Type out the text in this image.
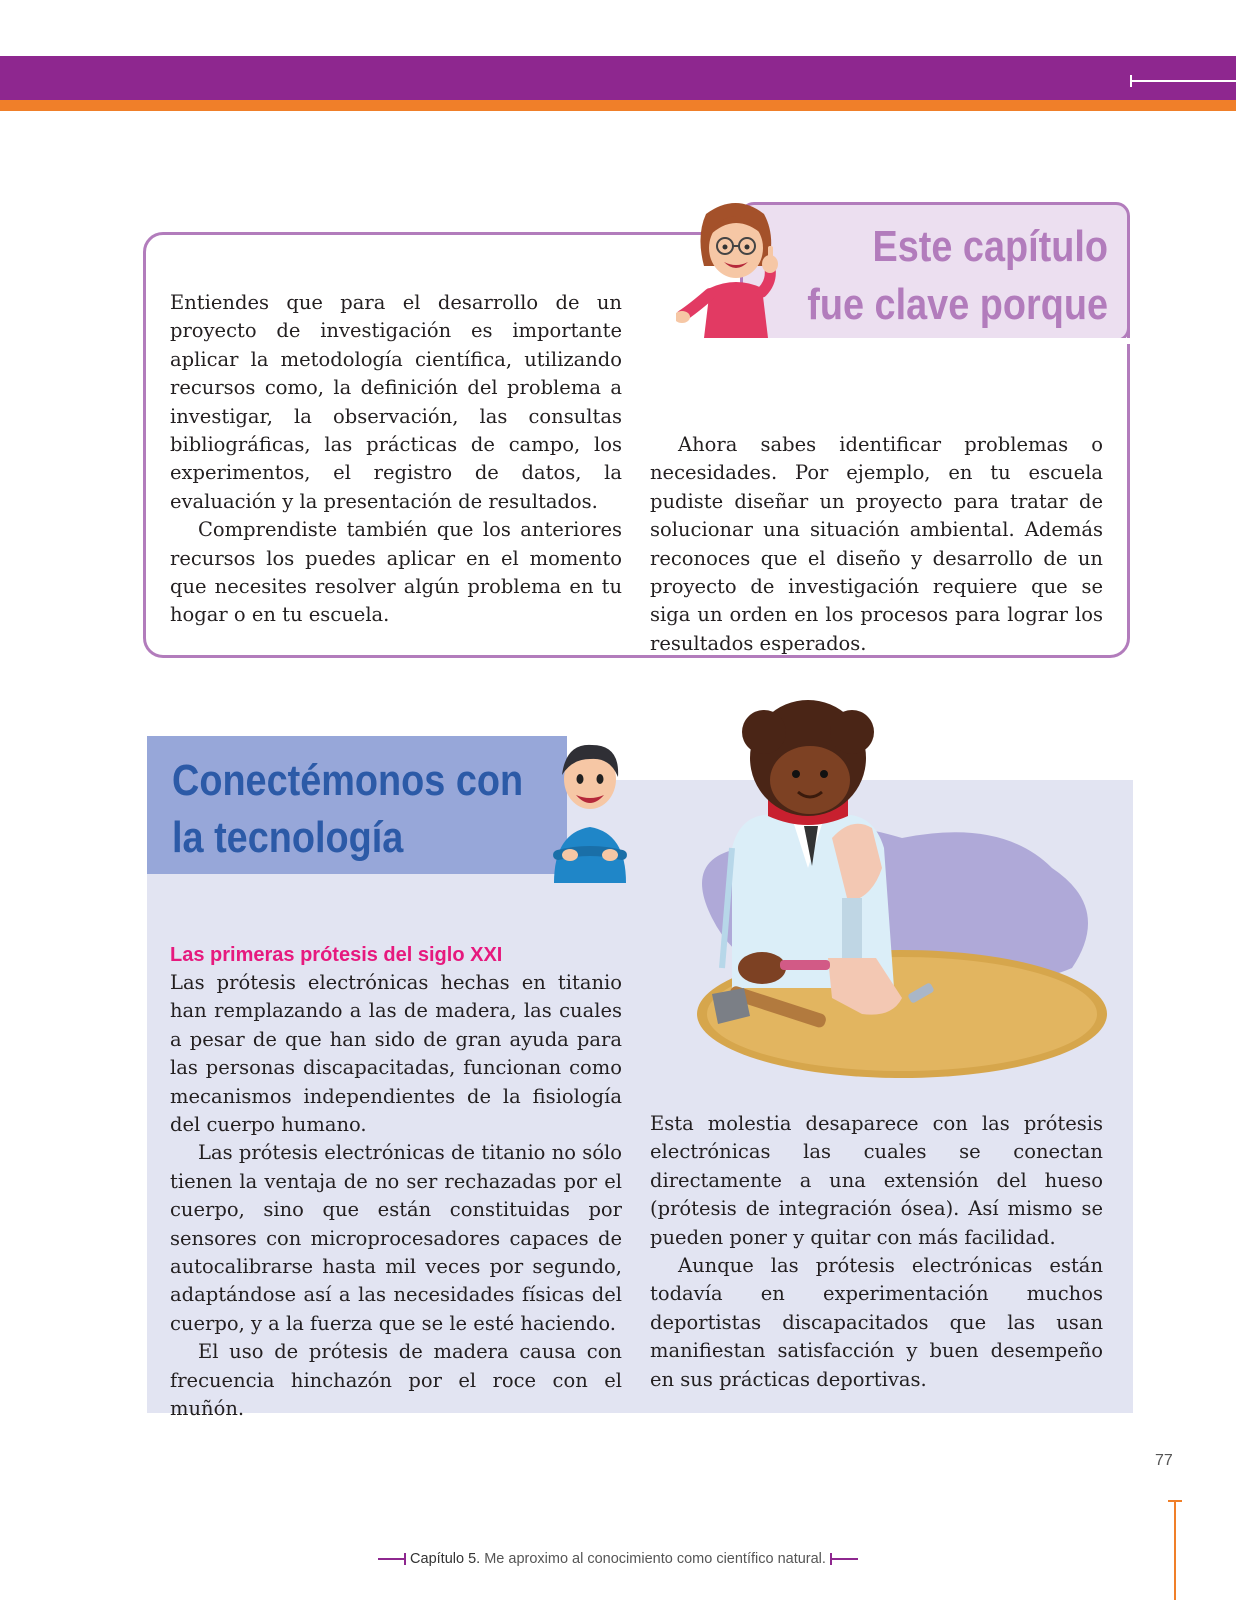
Este capítulo
fue clave porque

Entiendes que para el desarrollo de un proyecto de investigación es importante aplicar la metodología científica, utilizando recursos como, la definición del problema a investigar, la observación, las consultas bibliográficas, las prácticas de campo, los experimentos, el registro de datos, la evaluación y la presentación de resultados.

Comprendiste también que los anteriores recursos los puedes aplicar en el momento que necesites resolver algún problema en tu hogar o en tu escuela.

Ahora sabes identificar problemas o necesidades. Por ejemplo, en tu escuela pudiste diseñar un proyecto para tratar de solucionar una situación ambiental. Además reconoces que el diseño y desarrollo de un proyecto de investigación requiere que se siga un orden en los procesos para lograr los resultados esperados.

Conectémonos con
la tecnología
Las primeras prótesis del siglo XXI

Las prótesis electrónicas hechas en titanio han remplazando a las de madera, las cuales a pesar de que han sido de gran ayuda para las personas discapacitadas, funcionan como mecanismos independientes de la fisiología del cuerpo humano.

Las prótesis electrónicas de titanio no sólo tienen la ventaja de no ser rechazadas por el cuerpo, sino que están constituidas por sensores con microprocesadores capaces de autocalibrarse hasta mil veces por segundo, adaptándose así a las necesidades físicas del cuerpo, y a la fuerza que se le esté haciendo.

El uso de prótesis de madera causa con frecuencia hinchazón por el roce con el muñón.

Esta molestia desaparece con las prótesis electrónicas las cuales se conectan directamente a una extensión del hueso (prótesis de integración ósea). Así mismo se pueden poner y quitar con más facilidad.

Aunque las prótesis electrónicas están todavía en experimentación muchos deportistas discapacitados que las usan manifiestan satisfacción y buen desempeño en sus prácticas deportivas.

77
Capítulo 5. Me aproximo al conocimiento como científico natural.
